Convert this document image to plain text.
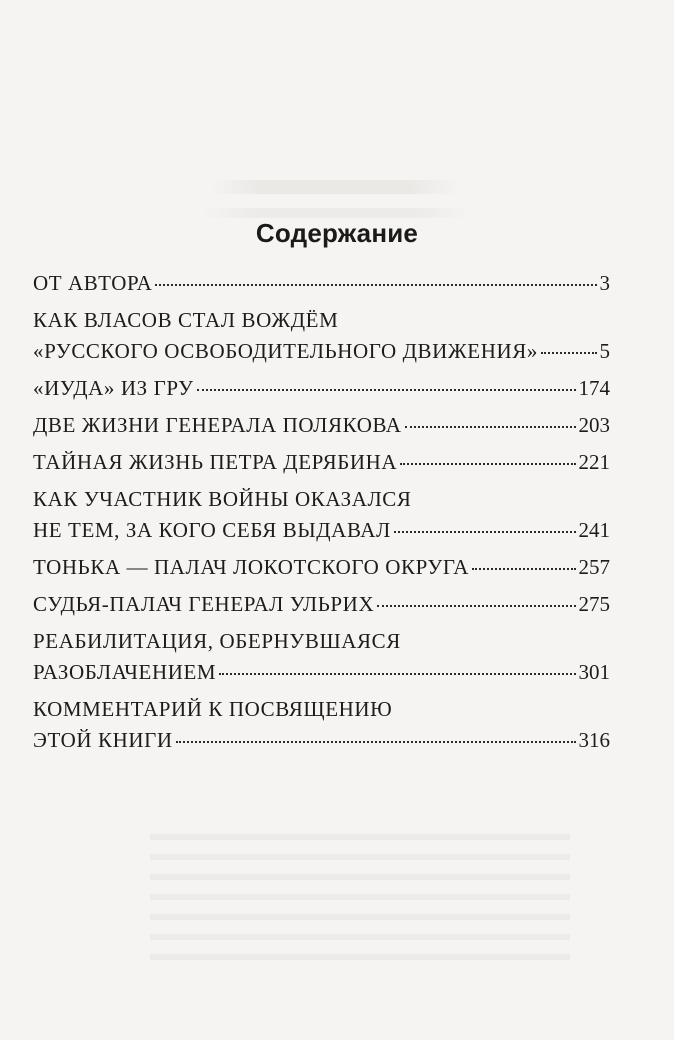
Содержание
ОТ АВТОРА	3
КАК ВЛАСОВ СТАЛ ВОЖДЁМ
«РУССКОГО ОСВОБОДИТЕЛЬНОГО ДВИЖЕНИЯ»	5
«ИУДА» ИЗ ГРУ	174
ДВЕ ЖИЗНИ ГЕНЕРАЛА ПОЛЯКОВА	203
ТАЙНАЯ ЖИЗНЬ ПЕТРА ДЕРЯБИНА	221
КАК УЧАСТНИК ВОЙНЫ ОКАЗАЛСЯ
НЕ ТЕМ, ЗА КОГО СЕБЯ ВЫДАВАЛ	241
ТОНЬКА — ПАЛАЧ ЛОКОТСКОГО ОКРУГА	257
СУДЬЯ-ПАЛАЧ ГЕНЕРАЛ УЛЬРИХ	275
РЕАБИЛИТАЦИЯ, ОБЕРНУВШАЯСЯ
РАЗОБЛАЧЕНИЕМ	301
КОММЕНТАРИЙ К ПОСВЯЩЕНИЮ
ЭТОЙ КНИГИ	316
